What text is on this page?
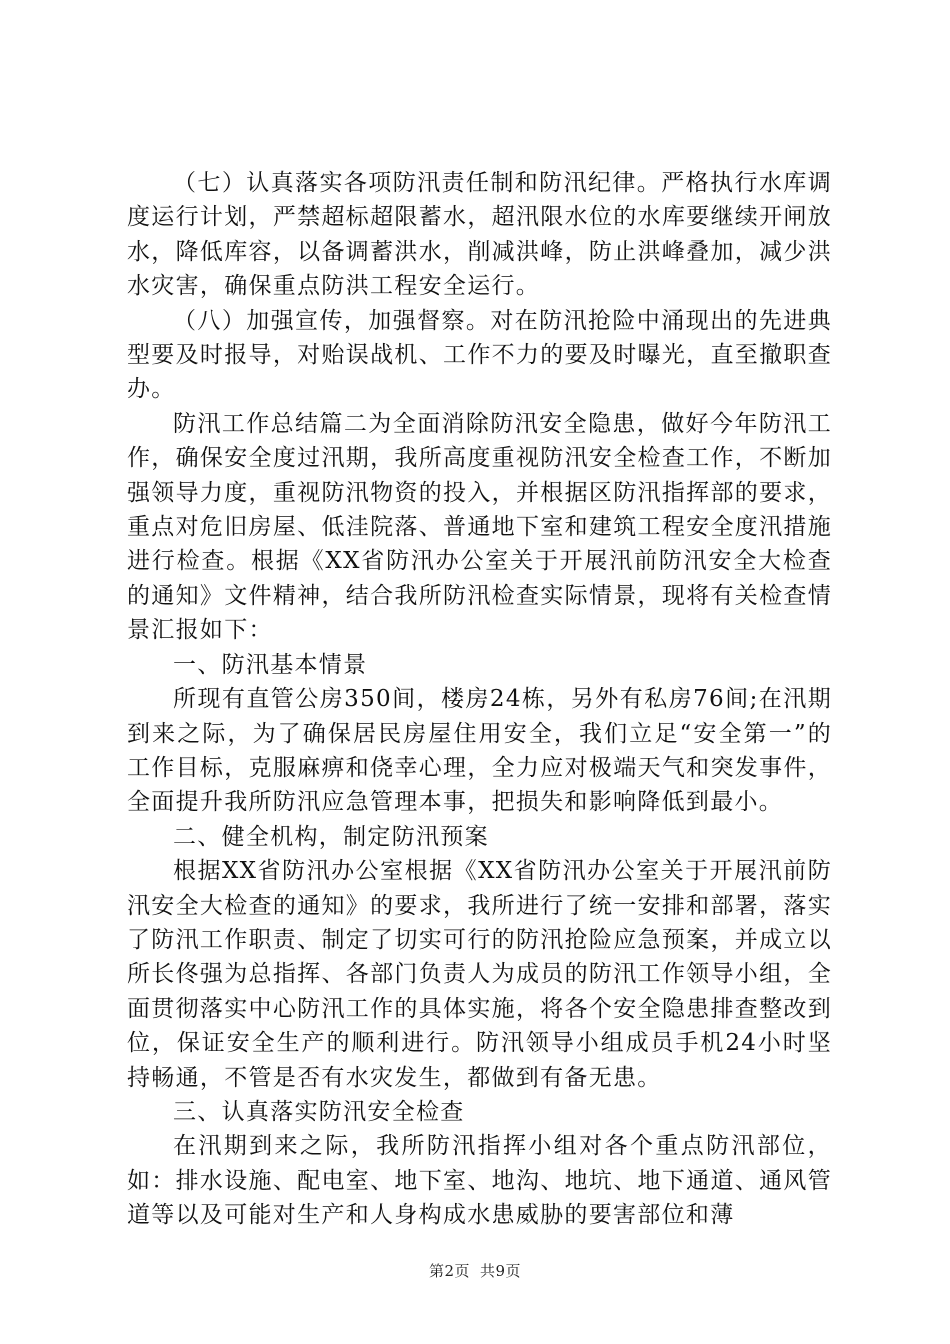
（七）认真落实各项防汛责任制和防汛纪律。严格执行水库调度运行计划，严禁超标超限蓄水，超汛限水位的水库要继续开闸放水，降低库容，以备调蓄洪水，削减洪峰，防止洪峰叠加，减少洪水灾害，确保重点防洪工程安全运行。

（八）加强宣传，加强督察。对在防汛抢险中涌现出的先进典型要及时报导，对贻误战机、工作不力的要及时曝光，直至撤职查办。

防汛工作总结篇二为全面消除防汛安全隐患，做好今年防汛工作，确保安全度过汛期，我所高度重视防汛安全检查工作，不断加强领导力度，重视防汛物资的投入，并根据区防汛指挥部的要求，重点对危旧房屋、低洼院落、普通地下室和建筑工程安全度汛措施进行检查。根据《XX省防汛办公室关于开展汛前防汛安全大检查的通知》文件精神，结合我所防汛检查实际情景，现将有关检查情景汇报如下：

一、防汛基本情景

所现有直管公房350间，楼房24栋，另外有私房76间;在汛期到来之际，为了确保居民房屋住用安全，我们立足“安全第一”的工作目标，克服麻痹和侥幸心理，全力应对极端天气和突发事件，全面提升我所防汛应急管理本事，把损失和影响降低到最小。

二、健全机构，制定防汛预案

根据XX省防汛办公室根据《XX省防汛办公室关于开展汛前防汛安全大检查的通知》的要求，我所进行了统一安排和部署，落实了防汛工作职责、制定了切实可行的防汛抢险应急预案，并成立以所长佟强为总指挥、各部门负责人为成员的防汛工作领导小组，全面贯彻落实中心防汛工作的具体实施，将各个安全隐患排查整改到位，保证安全生产的顺利进行。防汛领导小组成员手机24小时坚持畅通，不管是否有水灾发生，都做到有备无患。

三、认真落实防汛安全检查

在汛期到来之际，我所防汛指挥小组对各个重点防汛部位，如：排水设施、配电室、地下室、地沟、地坑、地下通道、通风管道等以及可能对生产和人身构成水患威胁的要害部位和薄

第2页 共9页
